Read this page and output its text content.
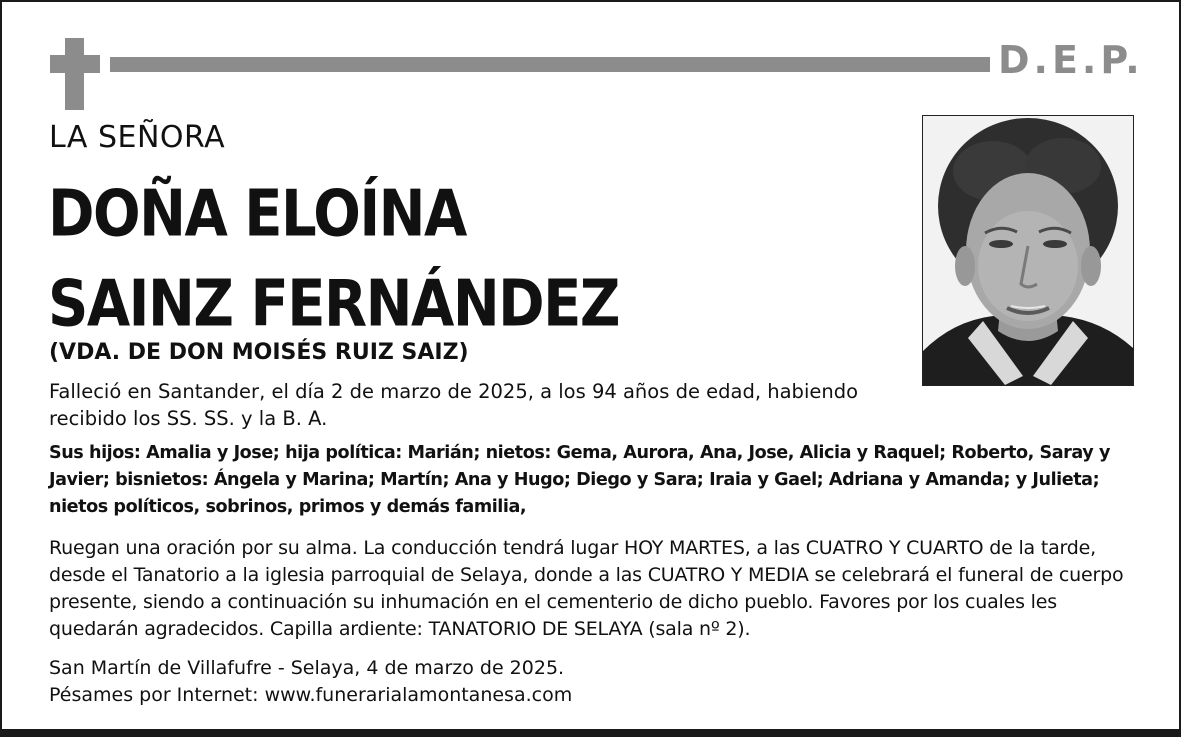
D.E.P.
LA SEÑORA
DOÑA ELOÍNA
SAINZ FERNÁNDEZ
(VDA. DE DON MOISÉS RUIZ SAIZ)
Falleció en Santander, el día 2 de marzo de 2025, a los 94 años de edad, habiendo recibido los SS. SS. y la B. A.
Sus hijos: Amalia y Jose; hija política: Marián; nietos: Gema, Aurora, Ana, Jose, Alicia y Raquel; Roberto, Saray y Javier; bisnietos: Ángela y Marina; Martín; Ana y Hugo; Diego y Sara; Iraia y Gael; Adriana y Amanda; y Julieta; nietos políticos, sobrinos, primos y demás familia,
Ruegan una oración por su alma. La conducción tendrá lugar HOY MARTES, a las CUATRO Y CUARTO de la tarde, desde el Tanatorio a la iglesia parroquial de Selaya, donde a las CUATRO Y MEDIA se celebrará el funeral de cuerpo presente, siendo a continuación su inhumación en el cementerio de dicho pueblo. Favores por los cuales les quedarán agradecidos. Capilla ardiente: TANATORIO DE SELAYA (sala nº 2).
San Martín de Villafufre - Selaya, 4 de marzo de 2025.
Pésames por Internet: www.funerarialamontanesa.com
